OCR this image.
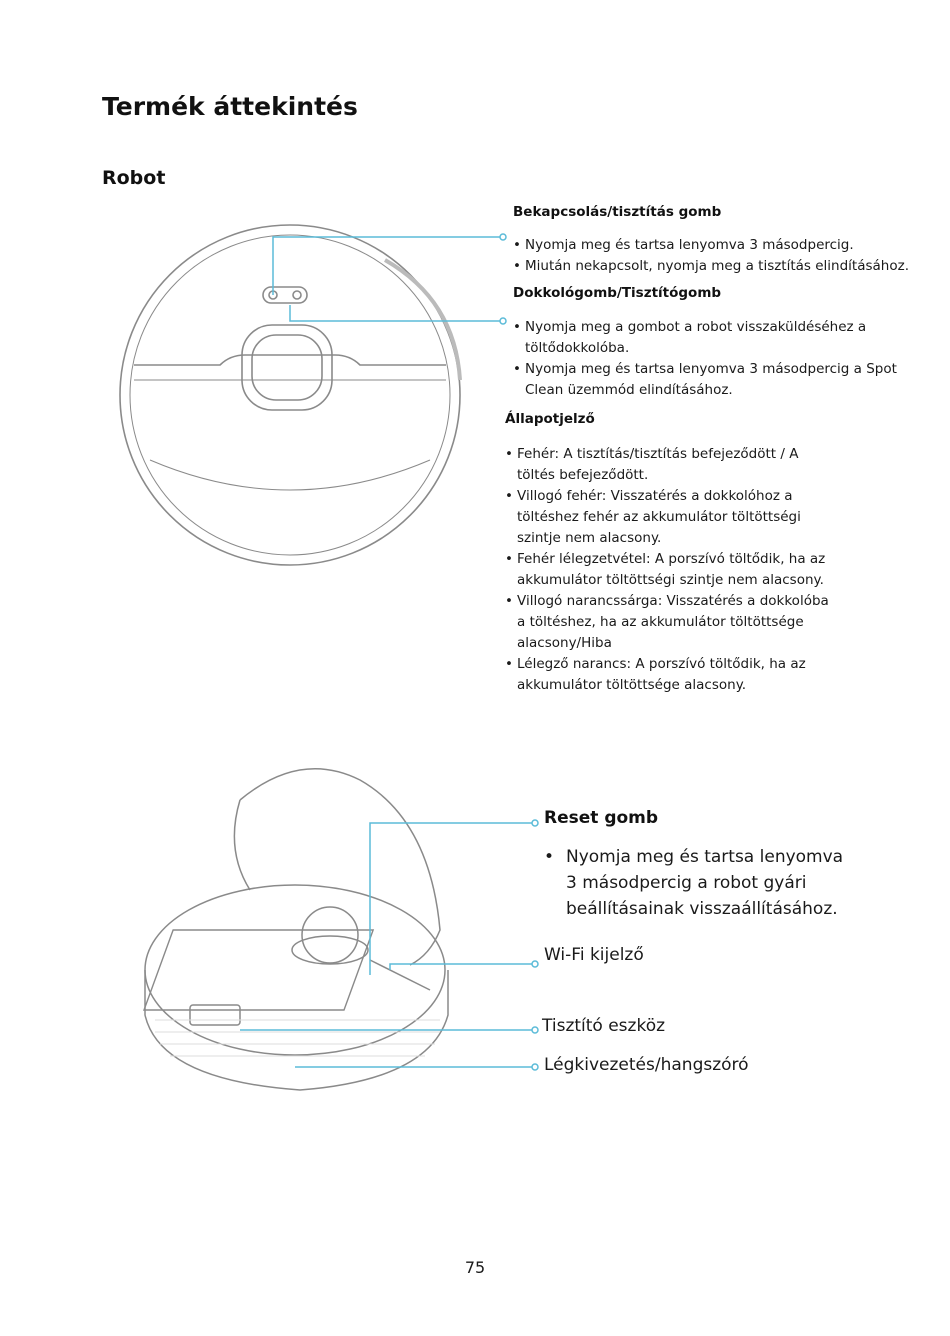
Termék áttekintés
Robot
Bekapcsolás/tisztítás gomb
• Nyomja meg és tartsa lenyomva 3 másodpercig.
• Miután nekapcsolt, nyomja meg a tisztítás elindításához.
Dokkológomb/Tisztítógomb
• Nyomja meg a gombot a robot visszaküldéséhez a töltődokkolóba.
• Nyomja meg és tartsa lenyomva 3 másodpercig a Spot Clean üzemmód elindításához.
Állapotjelző
• Fehér: A tisztítás/tisztítás befejeződött / A töltés befejeződött.
• Villogó fehér: Visszatérés a dokkolóhoz a töltéshez fehér az akkumulátor töltöttségi szintje nem alacsony.
• Fehér lélegzetvétel: A porszívó töltődik, ha az akkumulátor töltöttségi szintje nem alacsony.
• Villogó narancssárga: Visszatérés a dokkolóba a töltéshez, ha az akkumulátor töltöttsége alacsony/Hiba
• Lélegző narancs: A porszívó töltődik, ha az akkumulátor töltöttsége alacsony.
Reset gomb
• Nyomja meg és tartsa lenyomva 3 másodpercig a robot gyári beállításainak visszaállításához.
Wi-Fi kijelző
Tisztító eszköz
Légkivezetés/hangszóró
75
